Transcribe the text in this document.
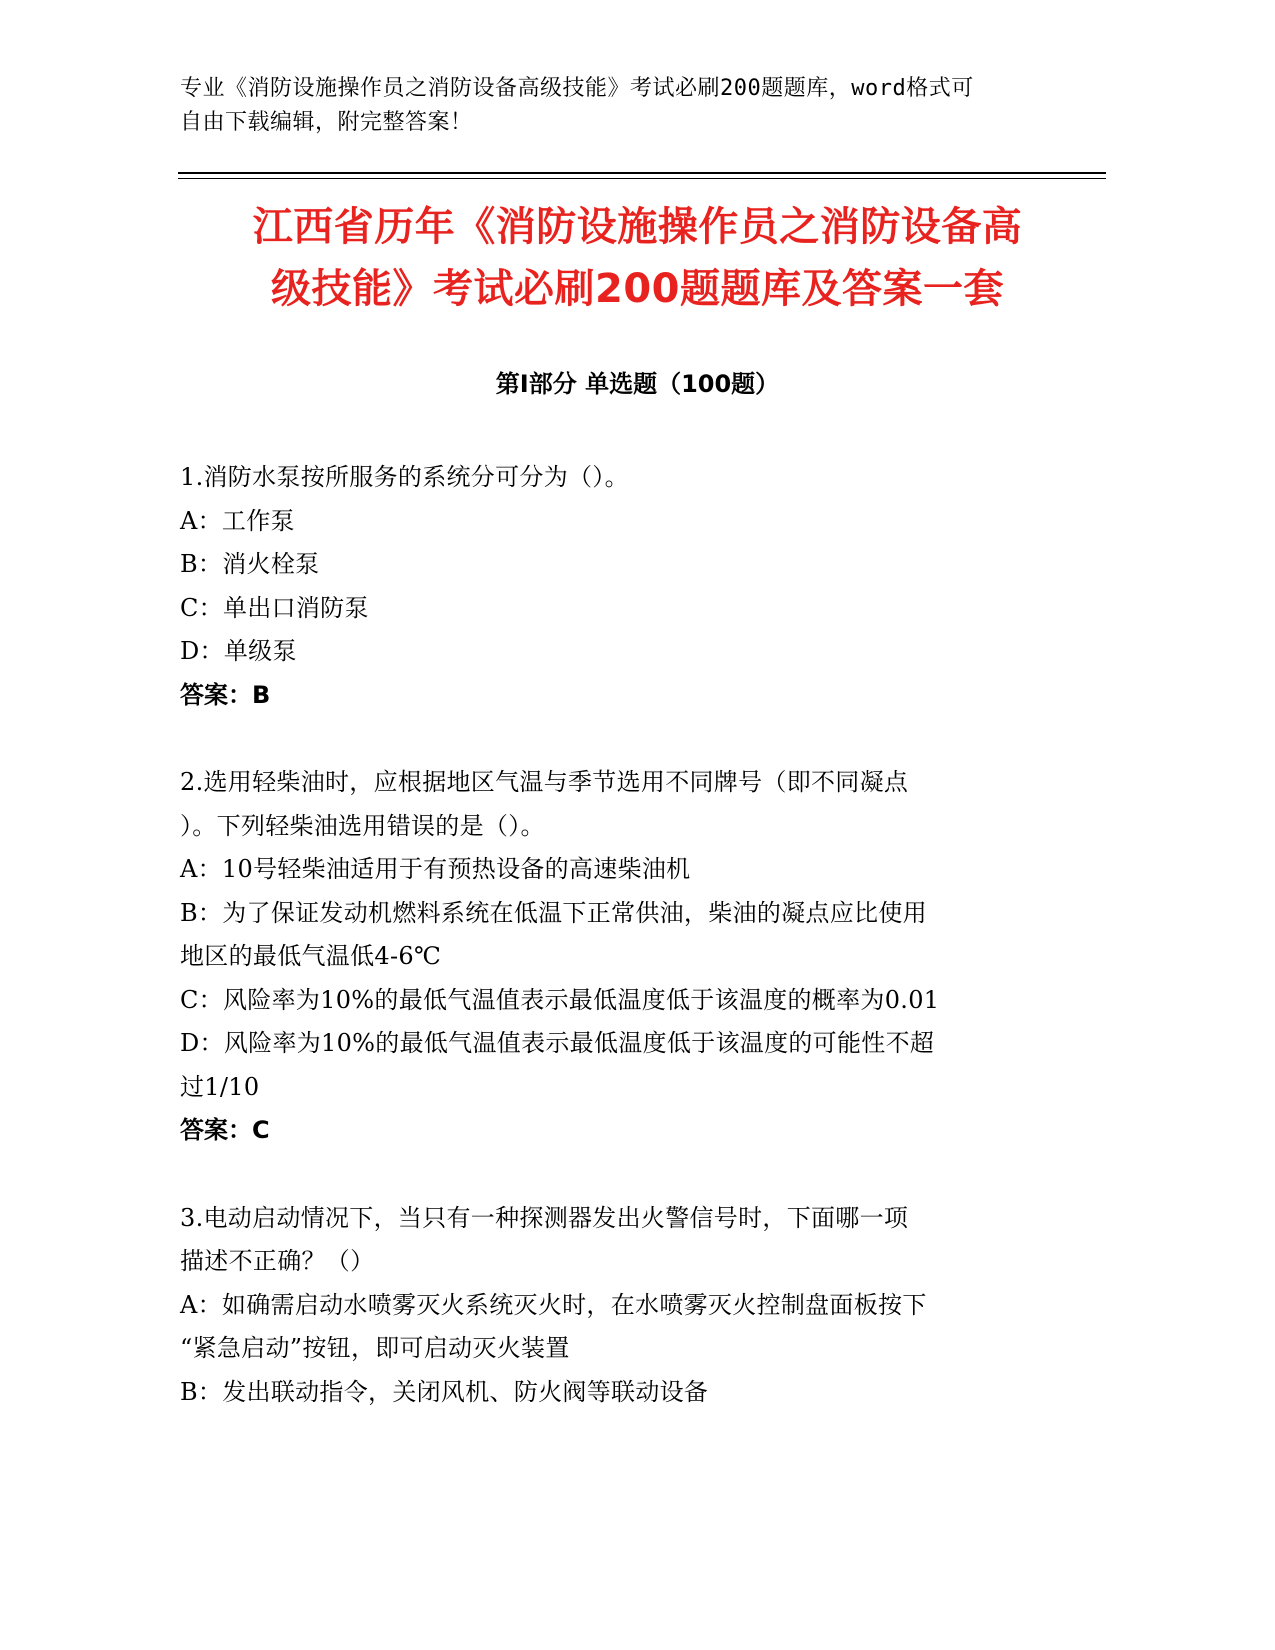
专业《消防设施操作员之消防设备高级技能》考试必刷200题题库，word格式可
自由下载编辑，附完整答案！
江西省历年《消防设施操作员之消防设备高
级技能》考试必刷200题题库及答案一套
第Ⅰ部分 单选题（100题）
1.消防水泵按所服务的系统分可分为（）。
A：工作泵
B：消火栓泵
C：单出口消防泵
D：单级泵
答案：B
2.选用轻柴油时，应根据地区气温与季节选用不同牌号（即不同凝点
）。下列轻柴油选用错误的是（）。
A：10号轻柴油适用于有预热设备的高速柴油机
B：为了保证发动机燃料系统在低温下正常供油，柴油的凝点应比使用
地区的最低气温低4-6℃
C：风险率为10%的最低气温值表示最低温度低于该温度的概率为0.01
D：风险率为10%的最低气温值表示最低温度低于该温度的可能性不超
过1/10
答案：C
3.电动启动情况下，当只有一种探测器发出火警信号时，下面哪一项
描述不正确？（）
A：如确需启动水喷雾灭火系统灭火时，在水喷雾灭火控制盘面板按下
“紧急启动”按钮，即可启动灭火装置
B：发出联动指令，关闭风机、防火阀等联动设备
